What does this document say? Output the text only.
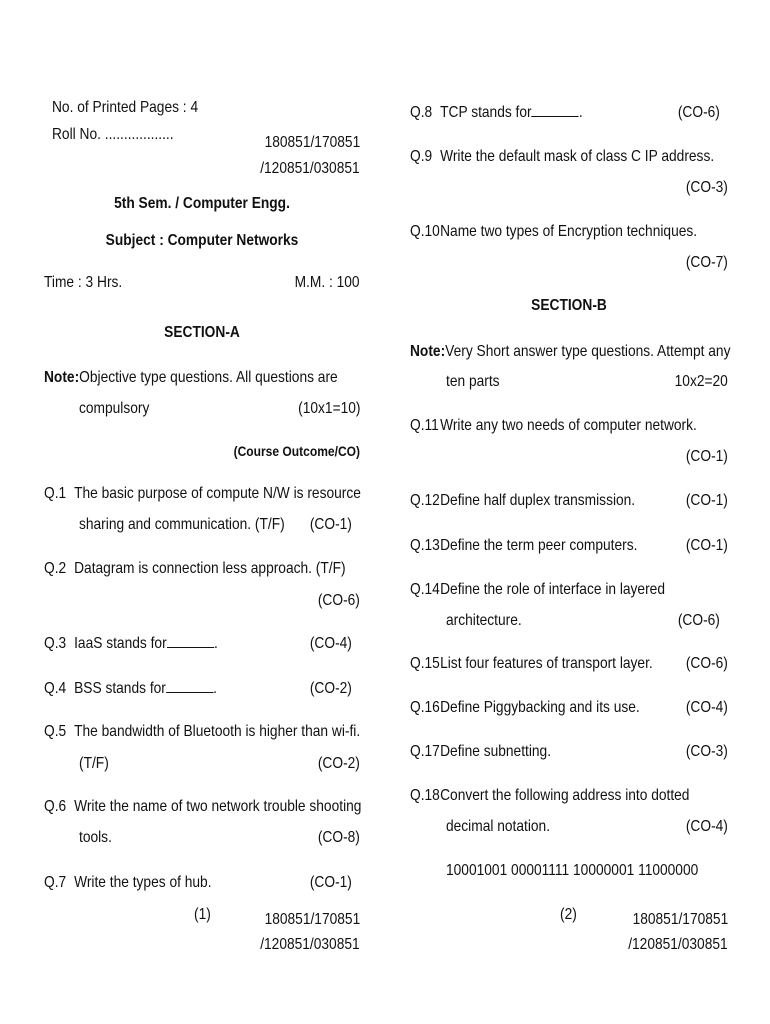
No. of Printed Pages : 4
Roll No. ..................	180851/170851
/120851/030851
5th Sem. / Computer Engg.
Subject : Computer Networks
Time : 3 Hrs.	M.M. : 100
SECTION-A
Note:Objective type questions. All questions are
compulsory	(10x1=10)
(Course Outcome/CO)
Q.1 The basic purpose of compute N/W is resource
sharing and communication. (T/F) (CO-1)
Q.2 Datagram is connection less approach. (T/F)
(CO-6)
Q.3 IaaS stands for	.	(CO-4)
Q.4 BSS stands for	.	(CO-2)
Q.5 The bandwidth of Bluetooth is higher than wi-fi.
(T/F)	(CO-2)
Q.6 Write the name of two network trouble shooting
tools.	(CO-8)
Q.7 Write the types of hub.	(CO-1)
(1)	180851/170851
/120851/030851
Q.8 TCP stands for	.	(CO-6)
Q.9 Write the default mask of class C IP address.
(CO-3)
Q.10Name two types of Encryption techniques.
(CO-7)
SECTION-B
Note:Very Short answer type questions. Attempt any
ten parts	10x2=20
Q.11Write any two needs of computer network.
(CO-1)
Q.12Define half duplex transmission.	(CO-1)
Q.13Define the term peer computers.	(CO-1)
Q.14Define the role of interface in layered
architecture.	(CO-6)
Q.15List four features of transport layer. (CO-6)
Q.16Define Piggybacking and its use.	(CO-4)
Q.17Define subnetting.	(CO-3)
Q.18Convert the following address into dotted
decimal notation.	(CO-4)
10001001 00001111 10000001 11000000
(2)	180851/170851
/120851/030851
